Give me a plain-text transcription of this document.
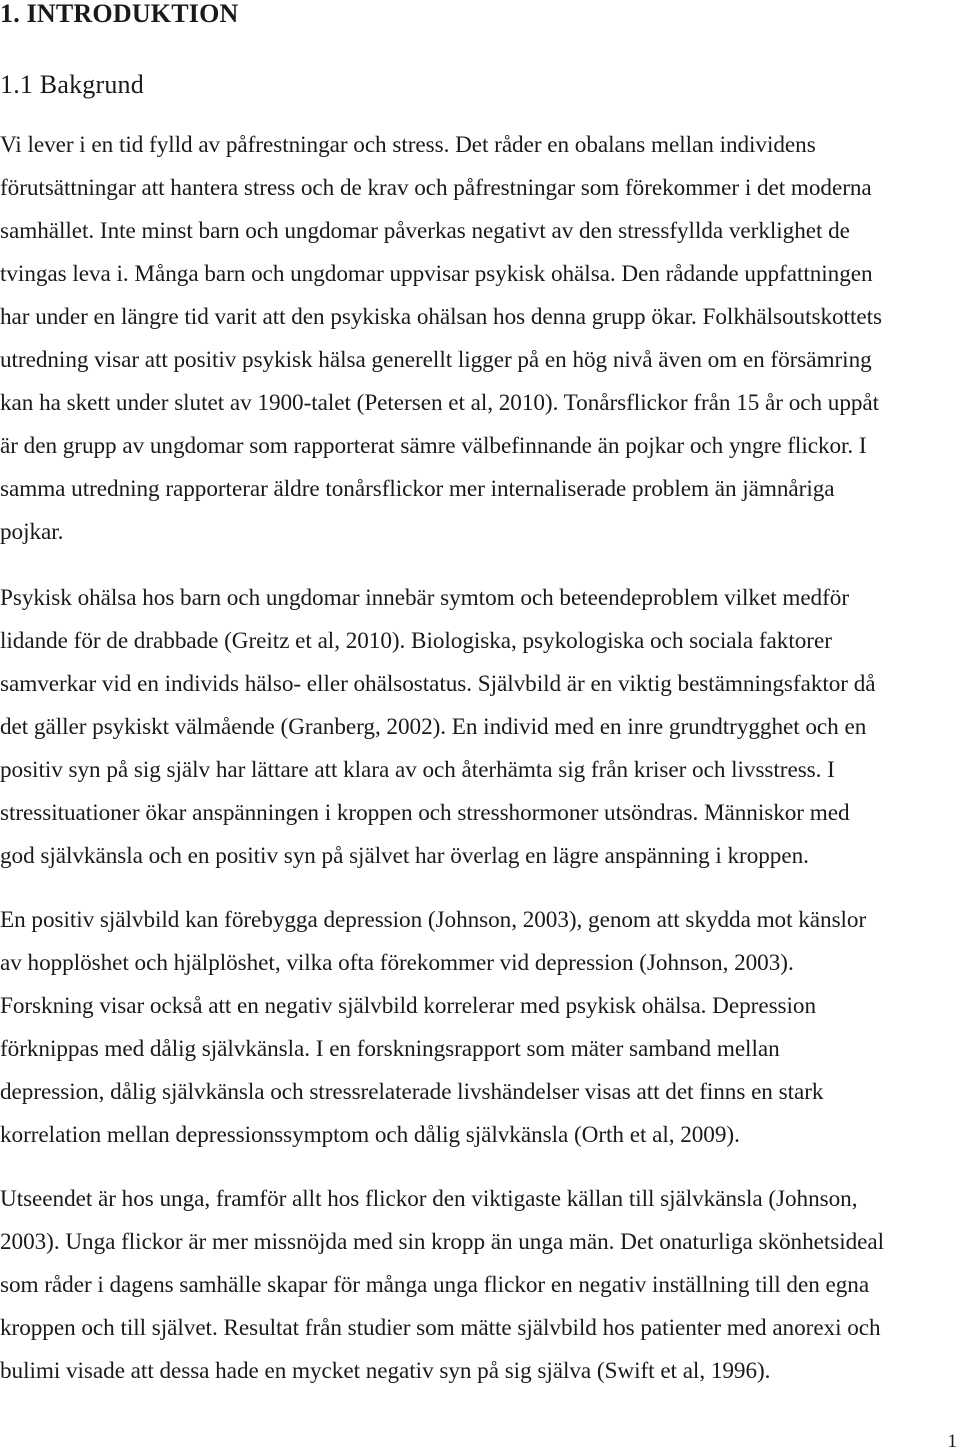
1. INTRODUKTION
1.1 Bakgrund
Vi lever i en tid fylld av påfrestningar och stress. Det råder en obalans mellan individens
förutsättningar att hantera stress och de krav och påfrestningar som förekommer i det moderna
samhället. Inte minst barn och ungdomar påverkas negativt av den stressfyllda verklighet de
tvingas leva i. Många barn och ungdomar uppvisar psykisk ohälsa. Den rådande uppfattningen
har under en längre tid varit att den psykiska ohälsan hos denna grupp ökar. Folkhälsoutskottets
utredning visar att positiv psykisk hälsa generellt ligger på en hög nivå även om en försämring
kan ha skett under slutet av 1900-talet (Petersen et al, 2010). Tonårsflickor från 15 år och uppåt
är den grupp av ungdomar som rapporterat sämre välbefinnande än pojkar och yngre flickor. I
samma utredning rapporterar äldre tonårsflickor mer internaliserade problem än jämnåriga
pojkar.
Psykisk ohälsa hos barn och ungdomar innebär symtom och beteendeproblem vilket medför
lidande för de drabbade (Greitz et al, 2010). Biologiska, psykologiska och sociala faktorer
samverkar vid en individs hälso- eller ohälsostatus. Självbild är en viktig bestämningsfaktor då
det gäller psykiskt välmående (Granberg, 2002). En individ med en inre grundtrygghet och en
positiv syn på sig själv har lättare att klara av och återhämta sig från kriser och livsstress. I
stressituationer ökar anspänningen i kroppen och stresshormoner utsöndras. Människor med
god självkänsla och en positiv syn på självet har överlag en lägre anspänning i kroppen.
En positiv självbild kan förebygga depression (Johnson, 2003), genom att skydda mot känslor
av hopplöshet och hjälplöshet, vilka ofta förekommer vid depression (Johnson, 2003).
Forskning visar också att en negativ självbild korrelerar med psykisk ohälsa. Depression
förknippas med dålig självkänsla. I en forskningsrapport som mäter samband mellan
depression, dålig självkänsla och stressrelaterade livshändelser visas att det finns en stark
korrelation mellan depressionssymptom och dålig självkänsla (Orth et al, 2009).
Utseendet är hos unga, framför allt hos flickor den viktigaste källan till självkänsla (Johnson,
2003). Unga flickor är mer missnöjda med sin kropp än unga män. Det onaturliga skönhetsideal
som råder i dagens samhälle skapar för många unga flickor en negativ inställning till den egna
kroppen och till självet. Resultat från studier som mätte självbild hos patienter med anorexi och
bulimi visade att dessa hade en mycket negativ syn på sig själva (Swift et al, 1996).
1
